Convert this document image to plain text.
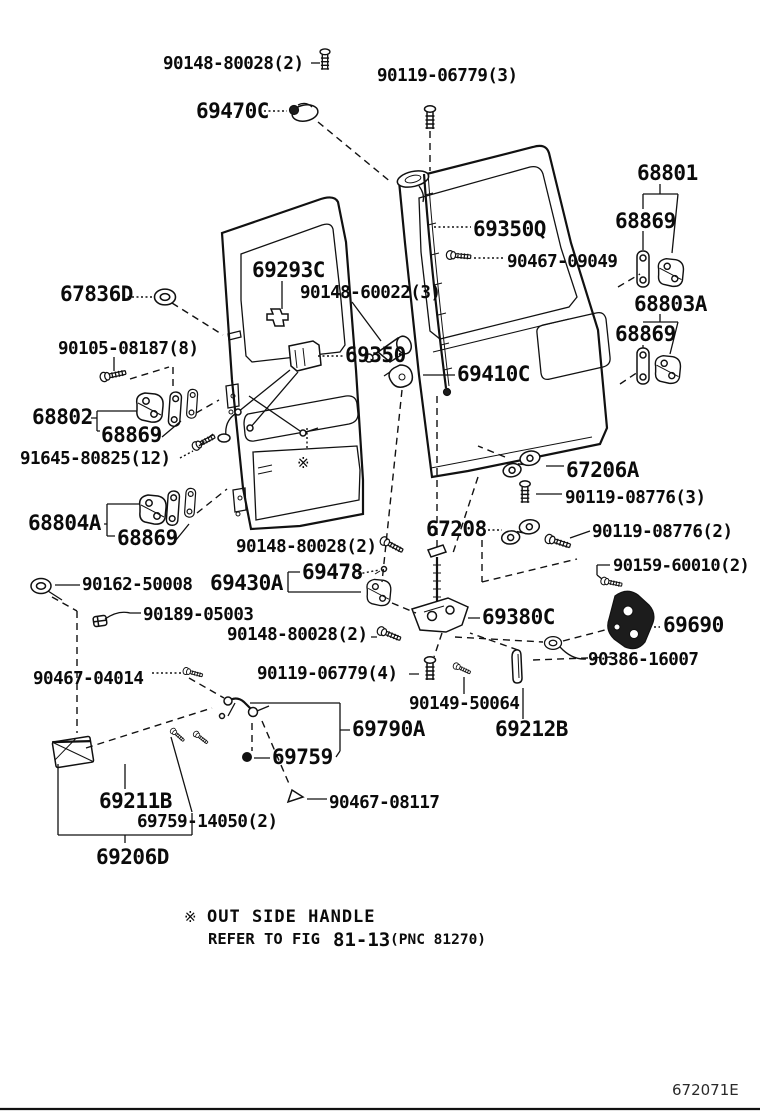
90148-80028(2)
90119-06779(3)
69470C
68801
68869
69350Q
90467-09049
69293C
90148-60022(3)
67836D	68803A
68869
90105-08187(8)	69350
69410C
68802
68869
91645-80825(12)	67206A
90119-08776(3)
68804A	67208	90119-08776(2)
68869	90148-80028(2)
90159-60010(2)
69478
69430A
90162-50008
90189-05003	69380C	69690
90148-80028(2)
90386-16007
90467-04014	90119-06779(4)
90149-50064
69790A	69212B
69759
69211B	90467-08117
69759-14050(2)
69206D
※
※ OUT SIDE HANDLE
REFER TO FIG 81-13 (PNC 81270)
672071E
